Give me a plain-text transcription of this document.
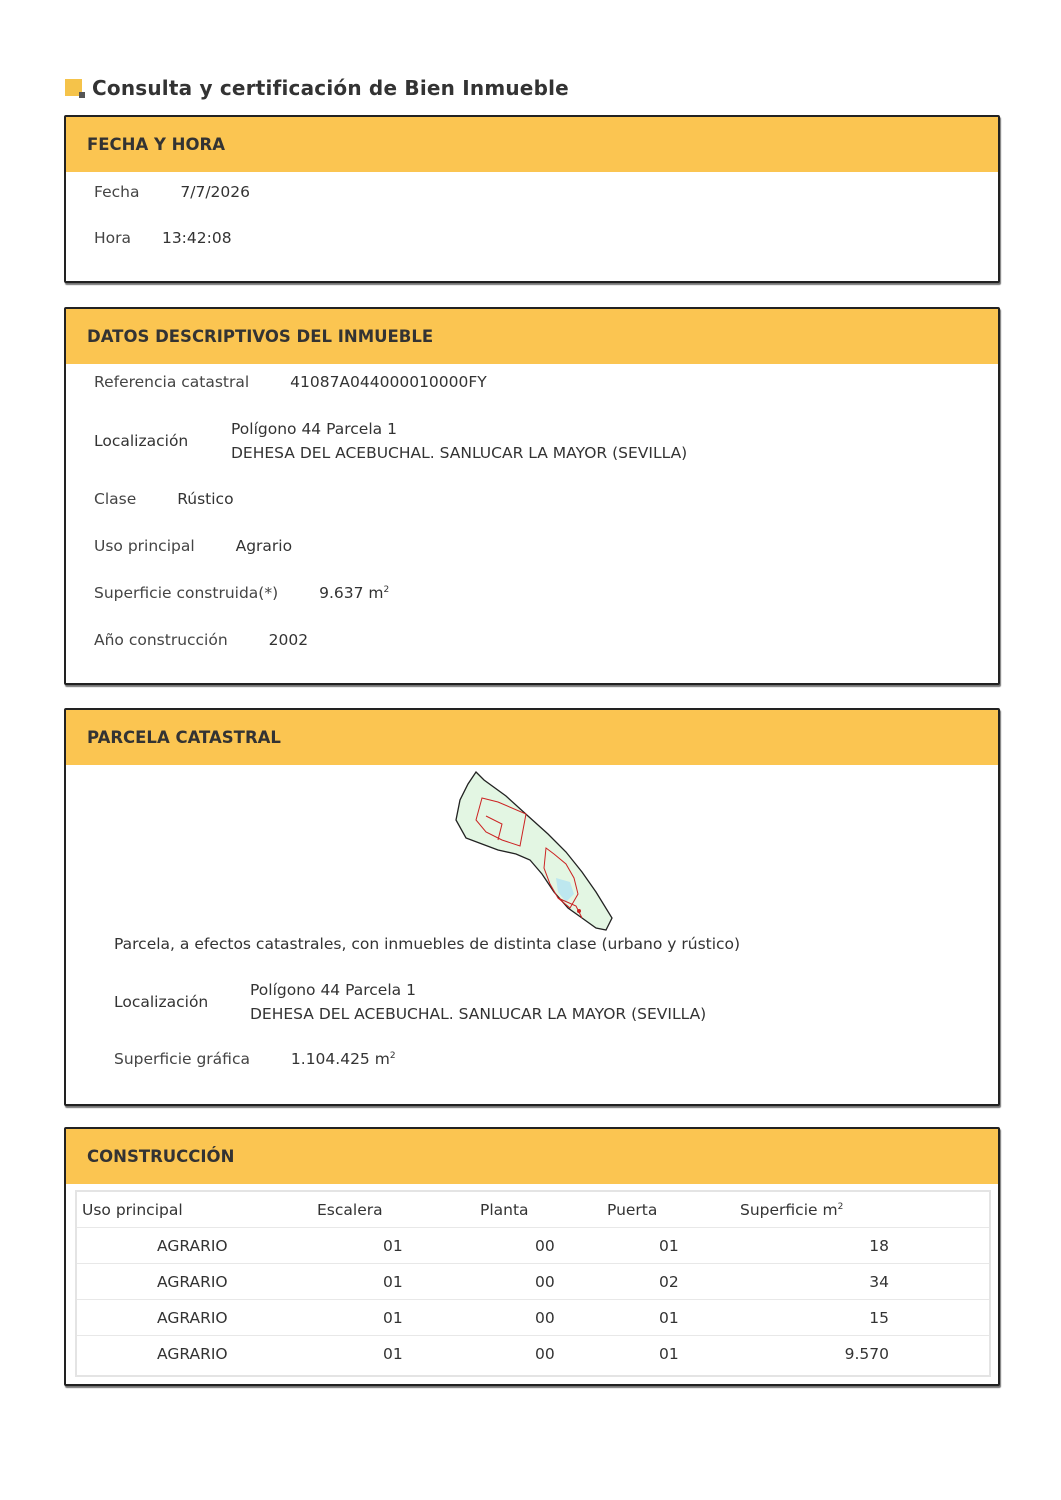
Consulta y certificación de Bien Inmueble
FECHA Y HORA
Fecha	7/7/2026
Hora 13:42:08
DATOS DESCRIPTIVOS DEL INMUEBLE
Referencia catastral	41087A044000010000FY
Localización
Polígono 44 Parcela 1
DEHESA DEL ACEBUCHAL. SANLUCAR LA MAYOR (SEVILLA)
Clase	Rústico
Uso principal	Agrario
Superficie construida(*)	9.637 $m^2$
Año construcción	2002
PARCELA CATASTRAL
Parcela, a efectos catastrales, con inmuebles de distinta clase (urbano y rústico)
Localización
Polígono 44 Parcela 1
DEHESA DEL ACEBUCHAL. SANLUCAR LA MAYOR (SEVILLA)
Superficie gráfica	1.104.425 $m^2$
CONSTRUCCIÓN
Uso principal	Escalera	Planta	Puerta	Superficie $m^2$
AGRARIO	01	00	01	18
AGRARIO	01	00	02	34
AGRARIO	01	00	01	15
AGRARIO	01	00	01	9.570
